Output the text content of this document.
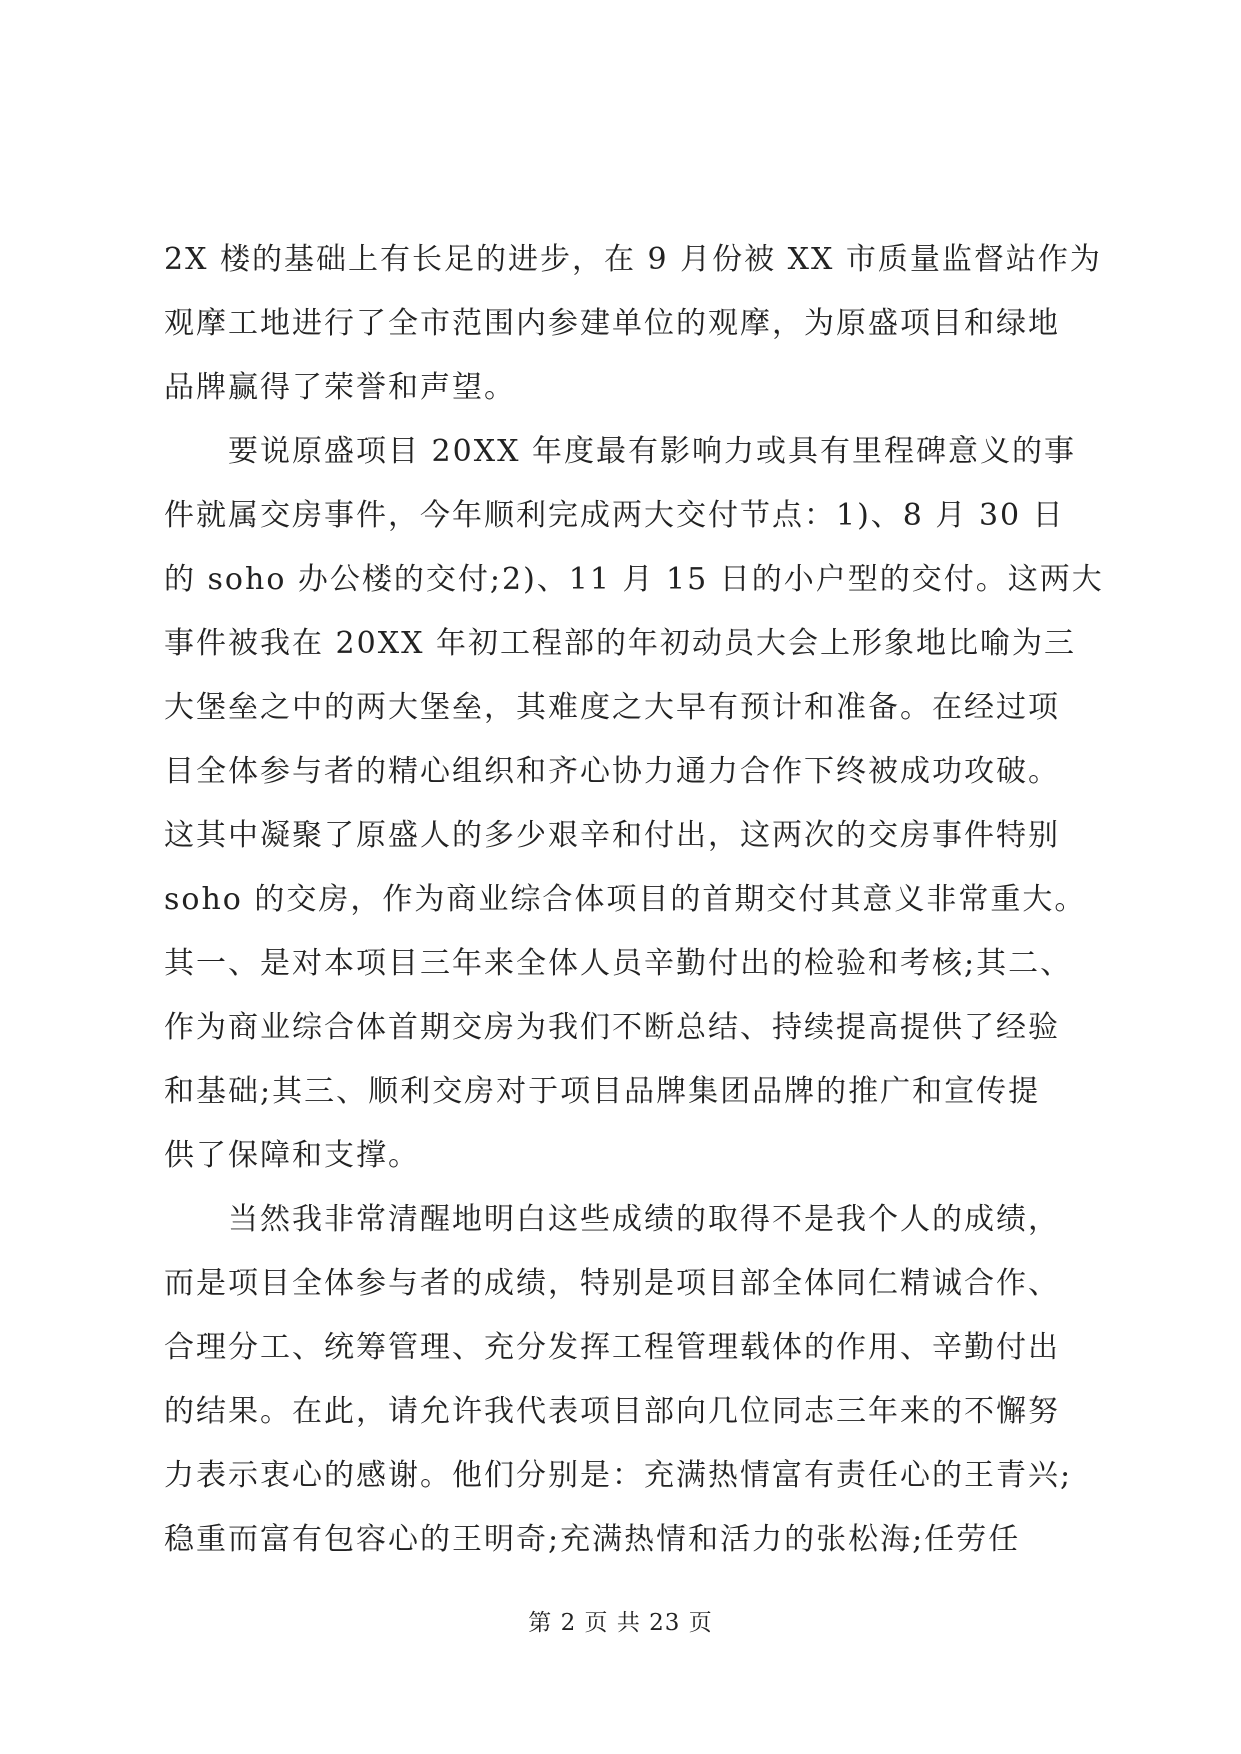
2X 楼的基础上有长足的进步，在 9 月份被 XX 市质量监督站作为
观摩工地进行了全市范围内参建单位的观摩，为原盛项目和绿地
品牌赢得了荣誉和声望。
　　要说原盛项目 20XX 年度最有影响力或具有里程碑意义的事
件就属交房事件，今年顺利完成两大交付节点：1)、8 月 30 日
的 soho 办公楼的交付;2)、11 月 15 日的小户型的交付。这两大
事件被我在 20XX 年初工程部的年初动员大会上形象地比喻为三
大堡垒之中的两大堡垒，其难度之大早有预计和准备。在经过项
目全体参与者的精心组织和齐心协力通力合作下终被成功攻破。
这其中凝聚了原盛人的多少艰辛和付出，这两次的交房事件特别
soho 的交房，作为商业综合体项目的首期交付其意义非常重大。
其一、是对本项目三年来全体人员辛勤付出的检验和考核;其二、
作为商业综合体首期交房为我们不断总结、持续提高提供了经验
和基础;其三、顺利交房对于项目品牌集团品牌的推广和宣传提
供了保障和支撑。
　　当然我非常清醒地明白这些成绩的取得不是我个人的成绩，
而是项目全体参与者的成绩，特别是项目部全体同仁精诚合作、
合理分工、统筹管理、充分发挥工程管理载体的作用、辛勤付出
的结果。在此，请允许我代表项目部向几位同志三年来的不懈努
力表示衷心的感谢。他们分别是：充满热情富有责任心的王青兴;
稳重而富有包容心的王明奇;充满热情和活力的张松海;任劳任
第 2 页 共 23 页
